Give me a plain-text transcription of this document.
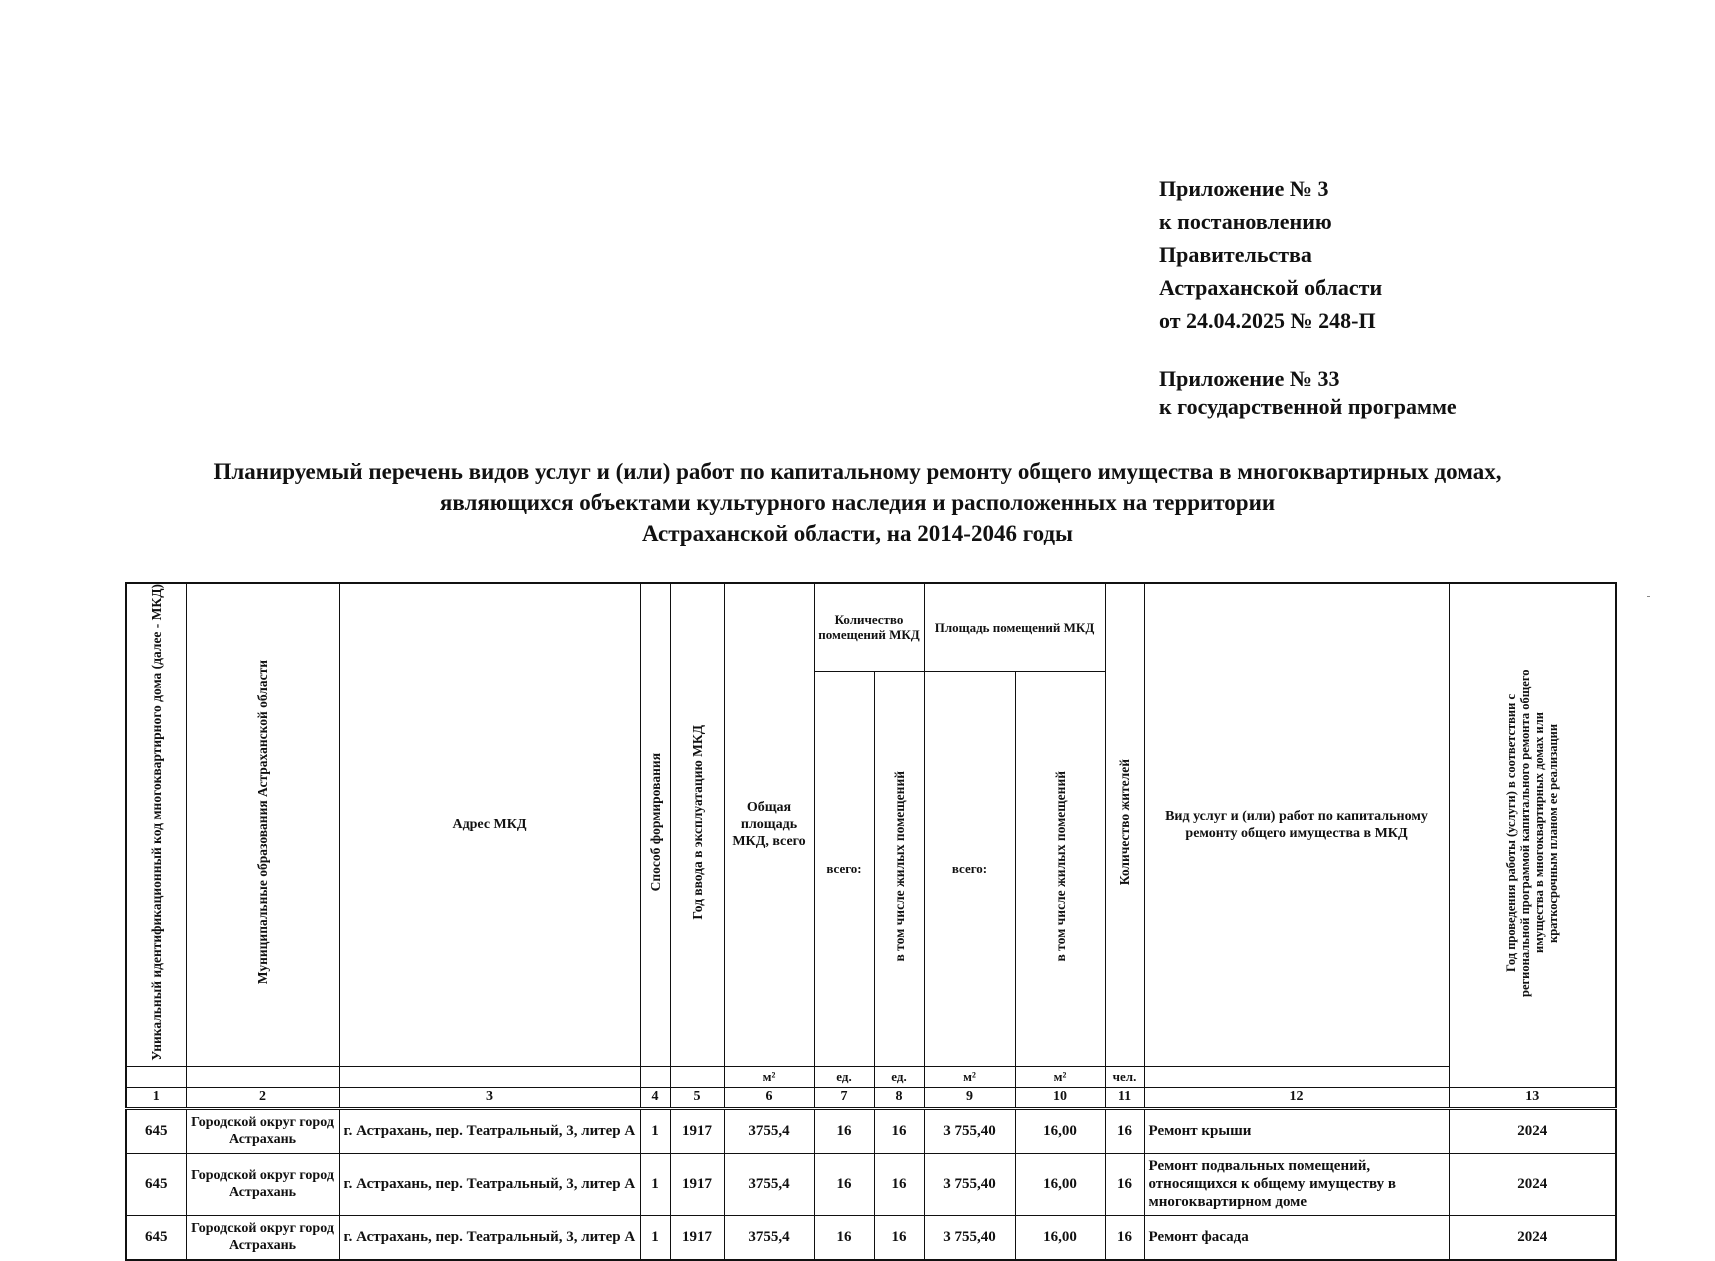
Приложение № 3
к постановлению
Правительства
Астраханской области
от 24.04.2025 № 248-П
Приложение № 33
к государственной программе
Планируемый перечень видов услуг и (или) работ по капитальному ремонту общего имущества в многоквартирных домах,
являющихся объектами культурного наследия и расположенных на территории
Астраханской области, на 2014-2046 годы
Уникальный идентификационный код многоквартирного дома (далее - МКД)	Муниципальные образования Астраханской области	Адрес МКД	Способ формирования	Год ввода в эксплуатацию МКД	Общая площадь МКД, всего	Количество помещений МКД		Площадь помещений МКД		Количество жителей	Вид услуг и (или) работ по капитальному ремонту общего имущества в МКД	Год проведения работы (услуги) в соответствии с региональной программой капитального ремонта общего имущества в многоквартирных домах или краткосрочным планом ее реализации
						всего:	в том числе жилых помещений	всего:	в том числе жилых помещений			
					м²	ед.	ед.	м²	м²	чел.		
1	2	3	4	5	6	7	8	9	10	11	12	13
645	Городской округ город Астрахань	г. Астрахань, пер. Театральный, 3, литер А	1	1917	3755,4	16	16	3 755,40	16,00	16	Ремонт крыши	2024
645	Городской округ город Астрахань	г. Астрахань, пер. Театральный, 3, литер А	1	1917	3755,4	16	16	3 755,40	16,00	16	Ремонт подвальных помещений, относящихся к общему имуществу в многоквартирном доме	2024
645	Городской округ город Астрахань	г. Астрахань, пер. Театральный, 3, литер А	1	1917	3755,4	16	16	3 755,40	16,00	16	Ремонт фасада	2024
